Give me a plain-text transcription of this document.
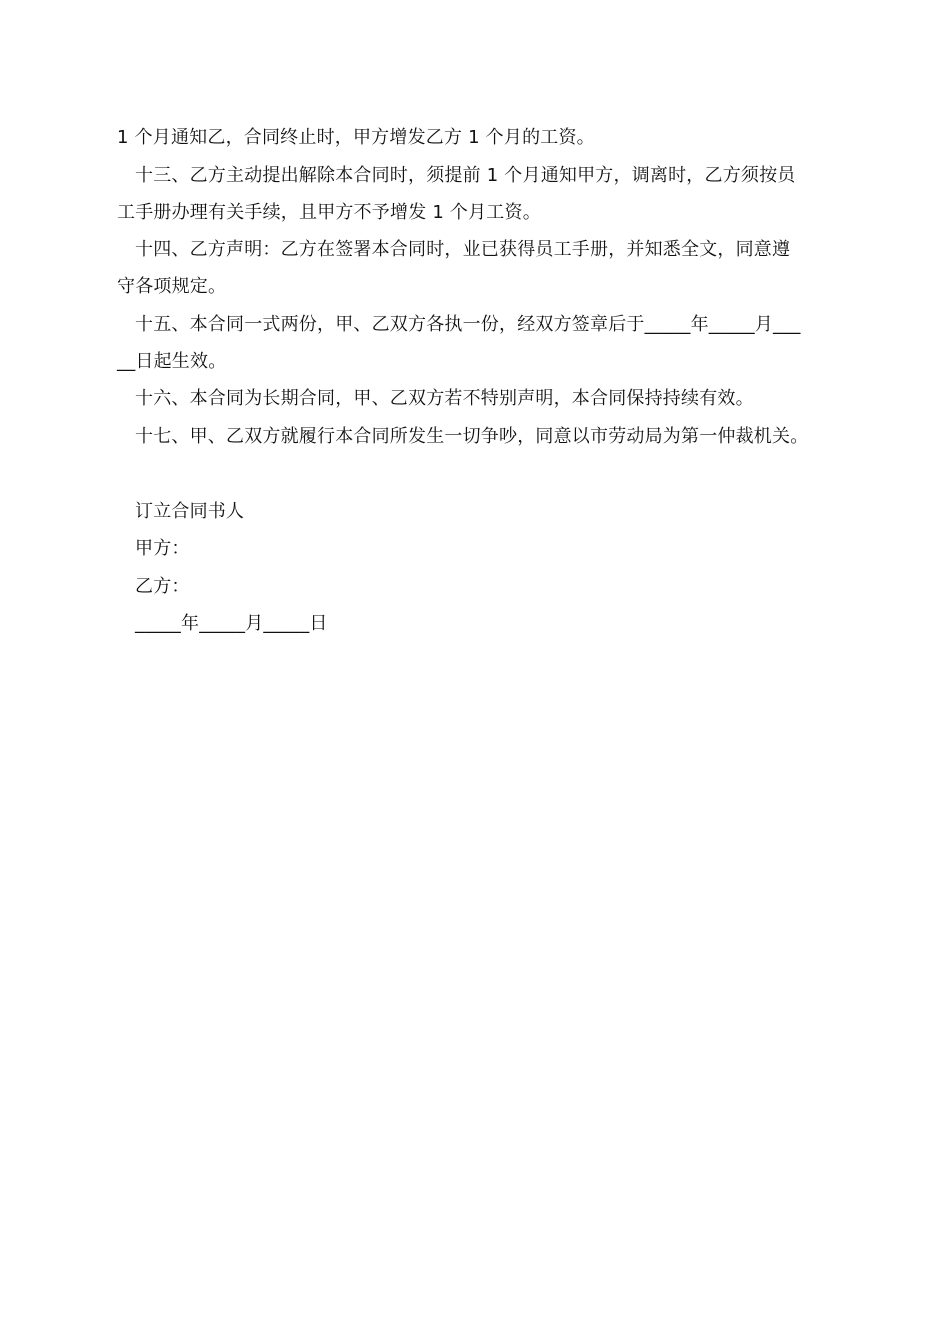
1 个月通知乙，合同终止时，甲方增发乙方 1 个月的工资。
十三、乙方主动提出解除本合同时，须提前 1 个月通知甲方，调离时，乙方须按员
工手册办理有关手续，且甲方不予增发 1 个月工资。
十四、乙方声明：乙方在签署本合同时，业已获得员工手册，并知悉全文，同意遵
守各项规定。
十五、本合同一式两份，甲、乙双方各执一份，经双方签章后于_____年_____月___
__日起生效。
十六、本合同为长期合同，甲、乙双方若不特别声明，本合同保持持续有效。
十七、甲、乙双方就履行本合同所发生一切争吵，同意以市劳动局为第一仲裁机关。
订立合同书人
甲方：
乙方：
_____年_____月_____日
